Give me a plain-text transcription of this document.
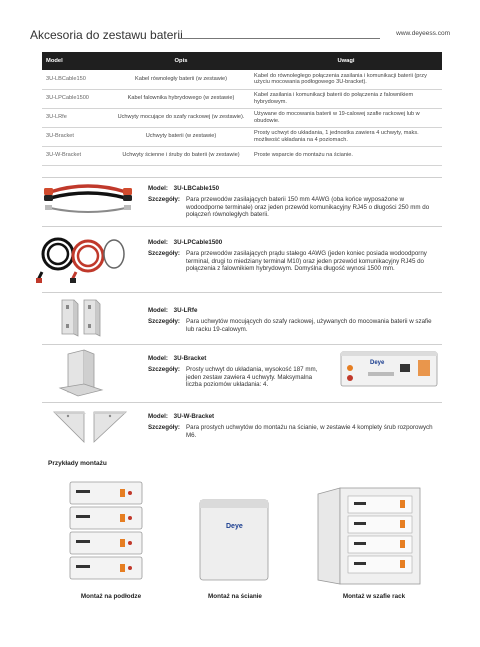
Akcesoria do zestawu baterii	www.deyeess.com
Model	Opis	Uwagi
3U-LBCable150	Kabel równoległy baterii (w zestawie)	Kabel do równoległego połączenia zasilania i komunikacji baterii (przy użyciu mocowania podłogowego 3U-bracket).
3U-LPCable1500	Kabel falownika hybrydowego (w zestawie)	Kabel zasilania i komunikacji baterii do połączenia z falownikiem hybrydowym.
3U-LRfe	Uchwyty mocujące do szafy rackowej (w zestawie).	Używane do mocowania baterii w 19-calowej szafie rackowej lub w obudowie.
3U-Bracket	Uchwyty baterii (w zestawie)	Prosty uchwyt do układania, 1 jednostka zawiera 4 uchwyty, maks. możliwość układania na 4 poziomach.
3U-W-Bracket	Uchwyty ścienne i śruby do baterii (w zestawie)	Proste wsparcie do montażu na ścianie.
Model: 3U-LBCable150
Szczegóły: Para przewodów zasilających baterii 150 mm 4AWG (oba końce wyposażone w wodoodporne terminale) oraz jeden przewód komunikacyjny RJ45 o długości 250 mm do połączeń równoległych baterii.
Model: 3U-LPCable1500
Szczegóły: Para przewodów zasilających prądu stałego 4AWG (jeden koniec posiada wodoodporny terminal, drugi to miedziany terminal M10) oraz jeden przewód komunikacyjny RJ45 do połączenia z falownikiem hybrydowym. Domyślna długość wynosi 1500 mm.
Model: 3U-LRfe
Szczegóły: Para uchwytów mocujących do szafy rackowej, używanych do mocowania baterii w szafie lub racku 19-calowym.
Deye
Model: 3U-Bracket
Szczegóły: Prosty uchwyt do układania, wysokość 187 mm, jeden zestaw zawiera 4 uchwyty. Maksymalna liczba poziomów układania: 4.
Model: 3U-W-Bracket
Szczegóły: Para prostych uchwytów do montażu na ścianie, w zestawie 4 komplety śrub rozporowych M6.
Przykłady montażu
Deye
Montaż na podłodze	Montaż na ścianie	Montaż w szafie rack
